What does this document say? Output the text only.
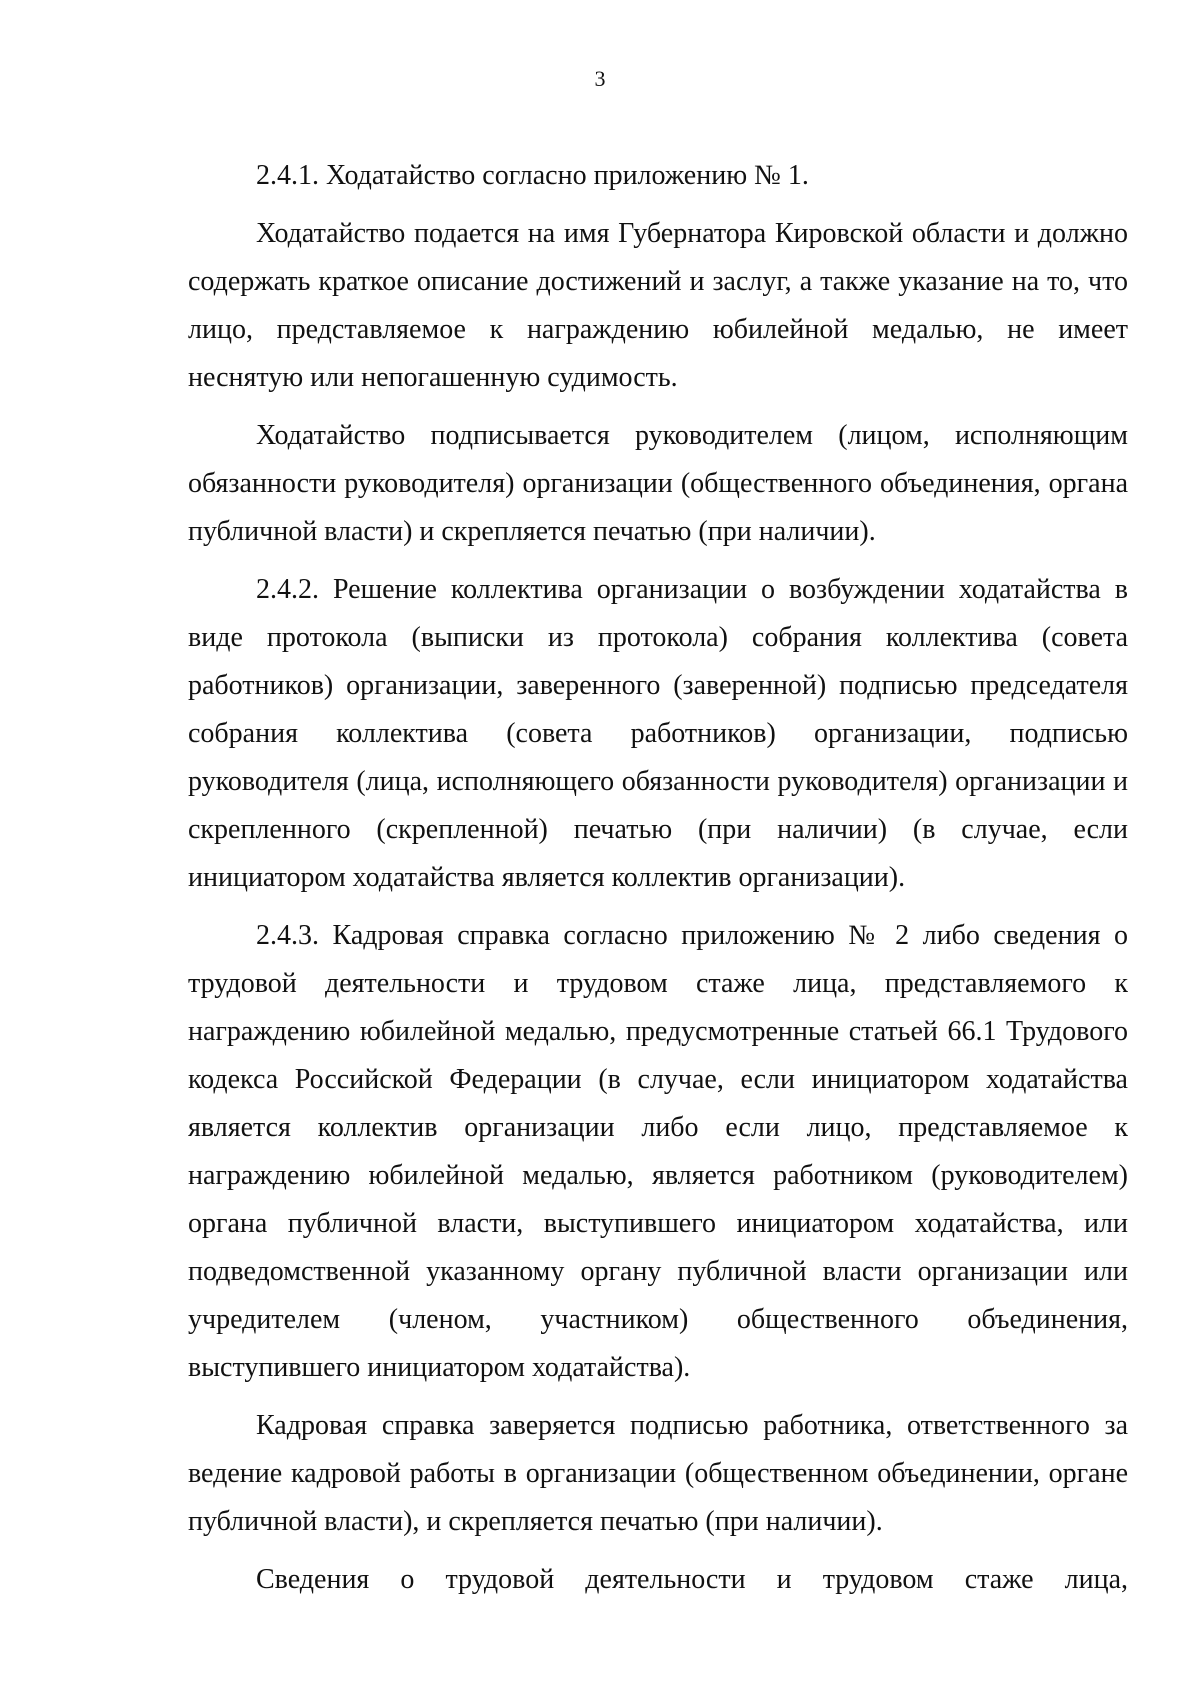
3

2.4.1. Ходатайство согласно приложению № 1.

Ходатайство подается на имя Губернатора Кировской области и должно содержать краткое описание достижений и заслуг, а также указание на то, что лицо, представляемое к награждению юбилейной медалью, не имеет неснятую или непогашенную судимость.

Ходатайство подписывается руководителем (лицом, исполняющим обязанности руководителя) организации (общественного объединения, органа публичной власти) и скрепляется печатью (при наличии).

2.4.2. Решение коллектива организации о возбуждении ходатайства в виде протокола (выписки из протокола) собрания коллектива (совета работников) организации, заверенного (заверенной) подписью председателя собрания коллектива (совета работников) организации, подписью руководителя (лица, исполняющего обязанности руководителя) организации и скрепленного (скрепленной) печатью (при наличии) (в случае, если инициатором ходатайства является коллектив организации).

2.4.3. Кадровая справка согласно приложению № 2 либо сведения о трудовой деятельности и трудовом стаже лица, представляемого к награждению юбилейной медалью, предусмотренные статьей 66.1 Трудового кодекса Российской Федерации (в случае, если инициатором ходатайства является коллектив организации либо если лицо, представляемое к награждению юбилейной медалью, является работником (руководителем) органа публичной власти, выступившего инициатором ходатайства, или подведомственной указанному органу публичной власти организации или учредителем (членом, участником) общественного объединения, выступившего инициатором ходатайства).

Кадровая справка заверяется подписью работника, ответственного за ведение кадровой работы в организации (общественном объединении, органе публичной власти), и скрепляется печатью (при наличии).

Сведения о трудовой деятельности и трудовом стаже лица,
